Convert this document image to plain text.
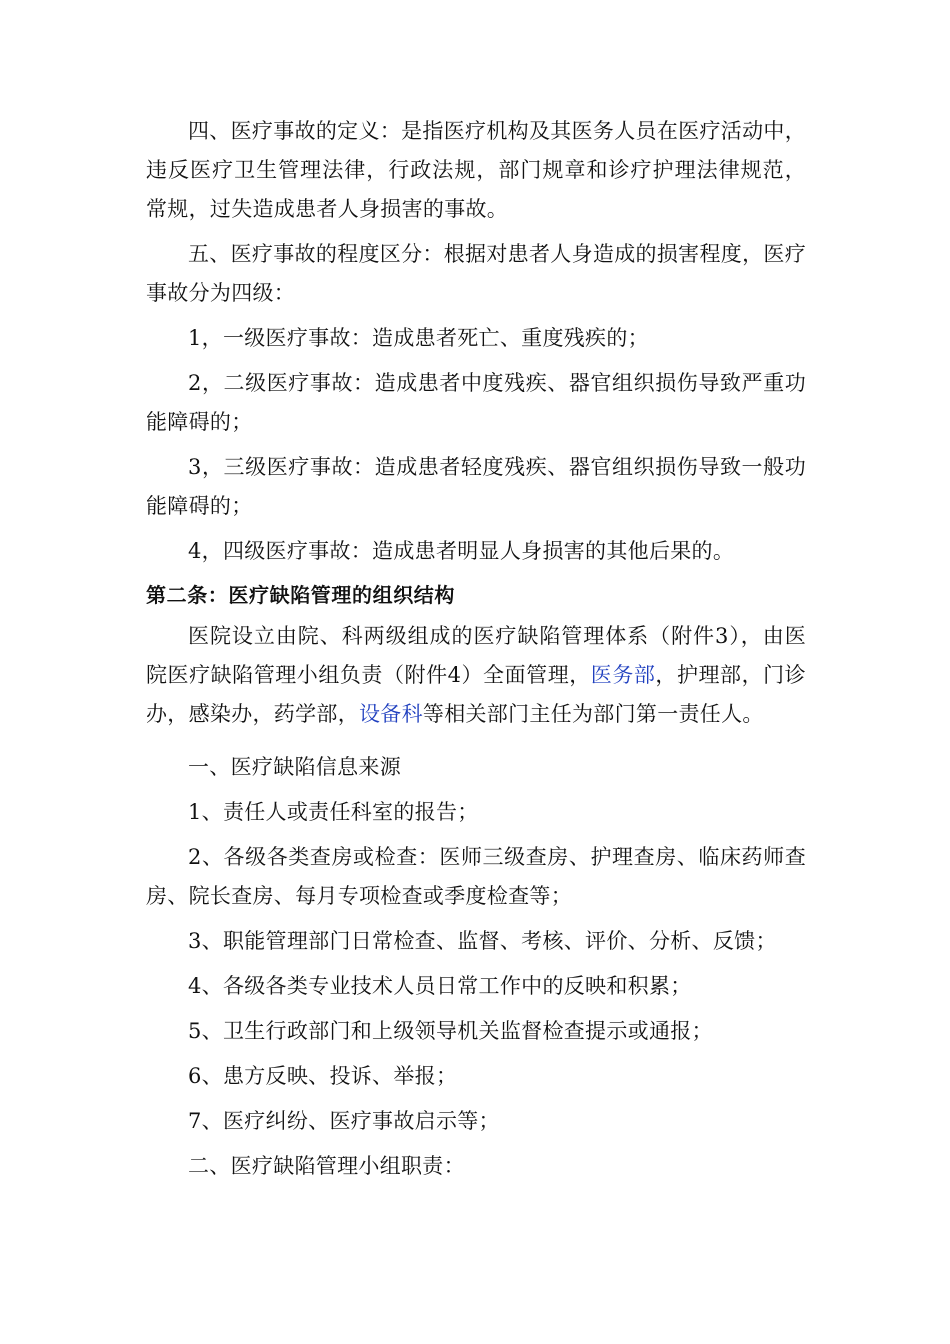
四、医疗事故的定义：是指医疗机构及其医务人员在医疗活动中，违反医疗卫生管理法律，行政法规，部门规章和诊疗护理法律规范，常规，过失造成患者人身损害的事故。

五、医疗事故的程度区分：根据对患者人身造成的损害程度，医疗事故分为四级：

1，一级医疗事故：造成患者死亡、重度残疾的；

2，二级医疗事故：造成患者中度残疾、器官组织损伤导致严重功能障碍的；

3，三级医疗事故：造成患者轻度残疾、器官组织损伤导致一般功能障碍的；

4，四级医疗事故：造成患者明显人身损害的其他后果的。

第二条：医疗缺陷管理的组织结构

医院设立由院、科两级组成的医疗缺陷管理体系（附件3），由医院医疗缺陷管理小组负责（附件4）全面管理，医务部，护理部，门诊办，感染办，药学部，设备科等相关部门主任为部门第一责任人。

一、医疗缺陷信息来源

1、责任人或责任科室的报告；

2、各级各类查房或检查：医师三级查房、护理查房、临床药师查房、院长查房、每月专项检查或季度检查等；

3、职能管理部门日常检查、监督、考核、评价、分析、反馈；

4、各级各类专业技术人员日常工作中的反映和积累；

5、卫生行政部门和上级领导机关监督检查提示或通报；

6、患方反映、投诉、举报；

7、医疗纠纷、医疗事故启示等；

二、医疗缺陷管理小组职责：
